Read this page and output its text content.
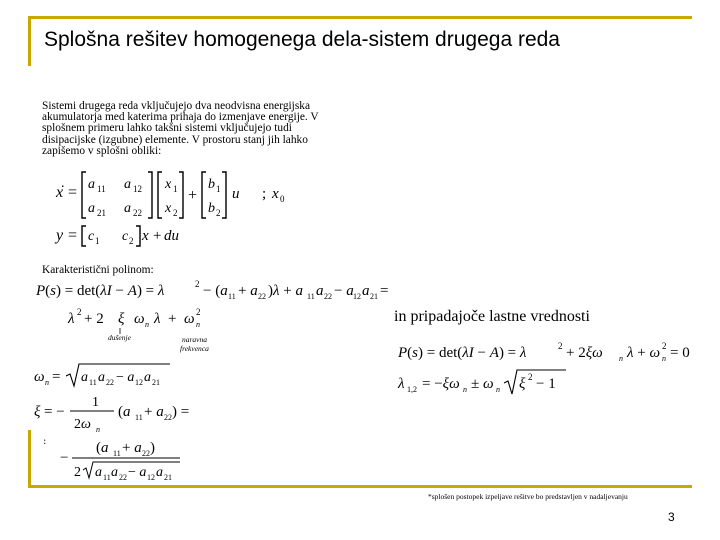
Splošna rešitev homogenega dela-sistem drugega reda
Sistemi drugega reda vključujejo dva neodvisna energijska akumulatorja med katerima prihaja do izmenjave energije. V splošnem primeru lahko takšni sistemi vključujejo tudi disipacijske (izgubne) elemente. V prostoru stanj jih lahko zapišemo v splošni obliki:
x
.
= a 11 a 12
a 21 a 22
x 1
x 2
+
b 1
b 2
u ; x 0
y = c 1 c 2 x + du
Karakteristični polinom:
P(s) = det(λI − A) = λ	2 − (a 11 + a 22 )λ + a 11 a 22 − a 12 a 21 =
λ 2 + 2 ξ ω n λ + ω 2
n
dušenje	naravna
frekvenca
ω n = a 11 a 22 − a 12 a 21
ξ = −
1
2ω n
(a 11 + a 22 ) =
:
−
(a 11 + a 22 )
2 a 11 a 22 − a 12 a 21
in pripadajoče lastne vrednosti
P(s) = det(λI − A) = λ	2 + 2ξω n λ + ω 2
n = 0
λ 1,2 = −ξω n ± ω n ξ 2 − 1
*splošen postopek izpeljave rešitve bo predstavljen v nadaljevanju
3
